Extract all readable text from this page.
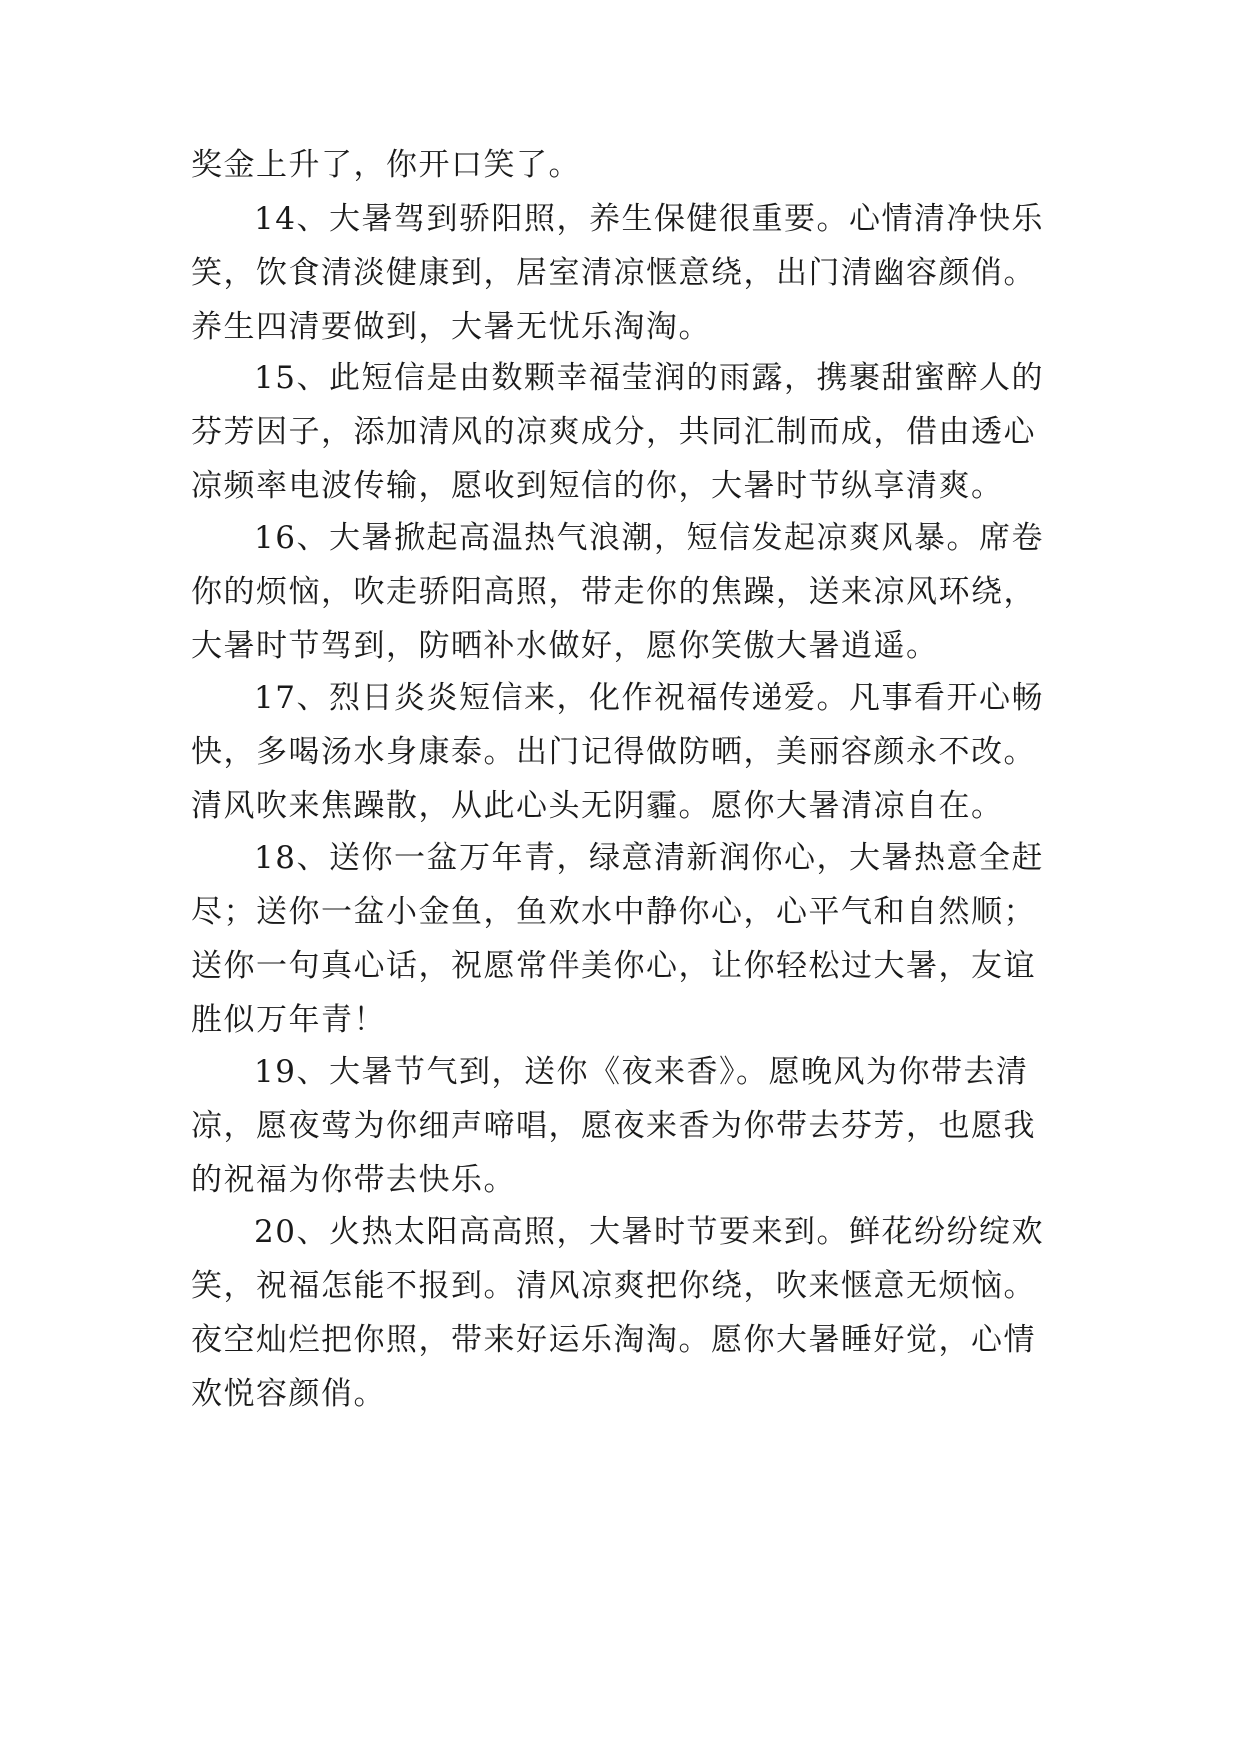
奖金上升了，你开口笑了。
14、大暑驾到骄阳照，养生保健很重要。心情清净快乐
笑，饮食清淡健康到，居室清凉惬意绕，出门清幽容颜俏。
养生四清要做到，大暑无忧乐淘淘。
15、此短信是由数颗幸福莹润的雨露，携裹甜蜜醉人的
芬芳因子，添加清风的凉爽成分，共同汇制而成，借由透心
凉频率电波传输，愿收到短信的你，大暑时节纵享清爽。
16、大暑掀起高温热气浪潮，短信发起凉爽风暴。席卷
你的烦恼，吹走骄阳高照，带走你的焦躁，送来凉风环绕，
大暑时节驾到，防晒补水做好，愿你笑傲大暑逍遥。
17、烈日炎炎短信来，化作祝福传递爱。凡事看开心畅
快，多喝汤水身康泰。出门记得做防晒，美丽容颜永不改。
清风吹来焦躁散，从此心头无阴霾。愿你大暑清凉自在。
18、送你一盆万年青，绿意清新润你心，大暑热意全赶
尽；送你一盆小金鱼，鱼欢水中静你心，心平气和自然顺；
送你一句真心话，祝愿常伴美你心，让你轻松过大暑，友谊
胜似万年青！
19、大暑节气到，送你《夜来香》。愿晚风为你带去清
凉，愿夜莺为你细声啼唱，愿夜来香为你带去芬芳，也愿我
的祝福为你带去快乐。
20、火热太阳高高照，大暑时节要来到。鲜花纷纷绽欢
笑，祝福怎能不报到。清风凉爽把你绕，吹来惬意无烦恼。
夜空灿烂把你照，带来好运乐淘淘。愿你大暑睡好觉，心情
欢悦容颜俏。
